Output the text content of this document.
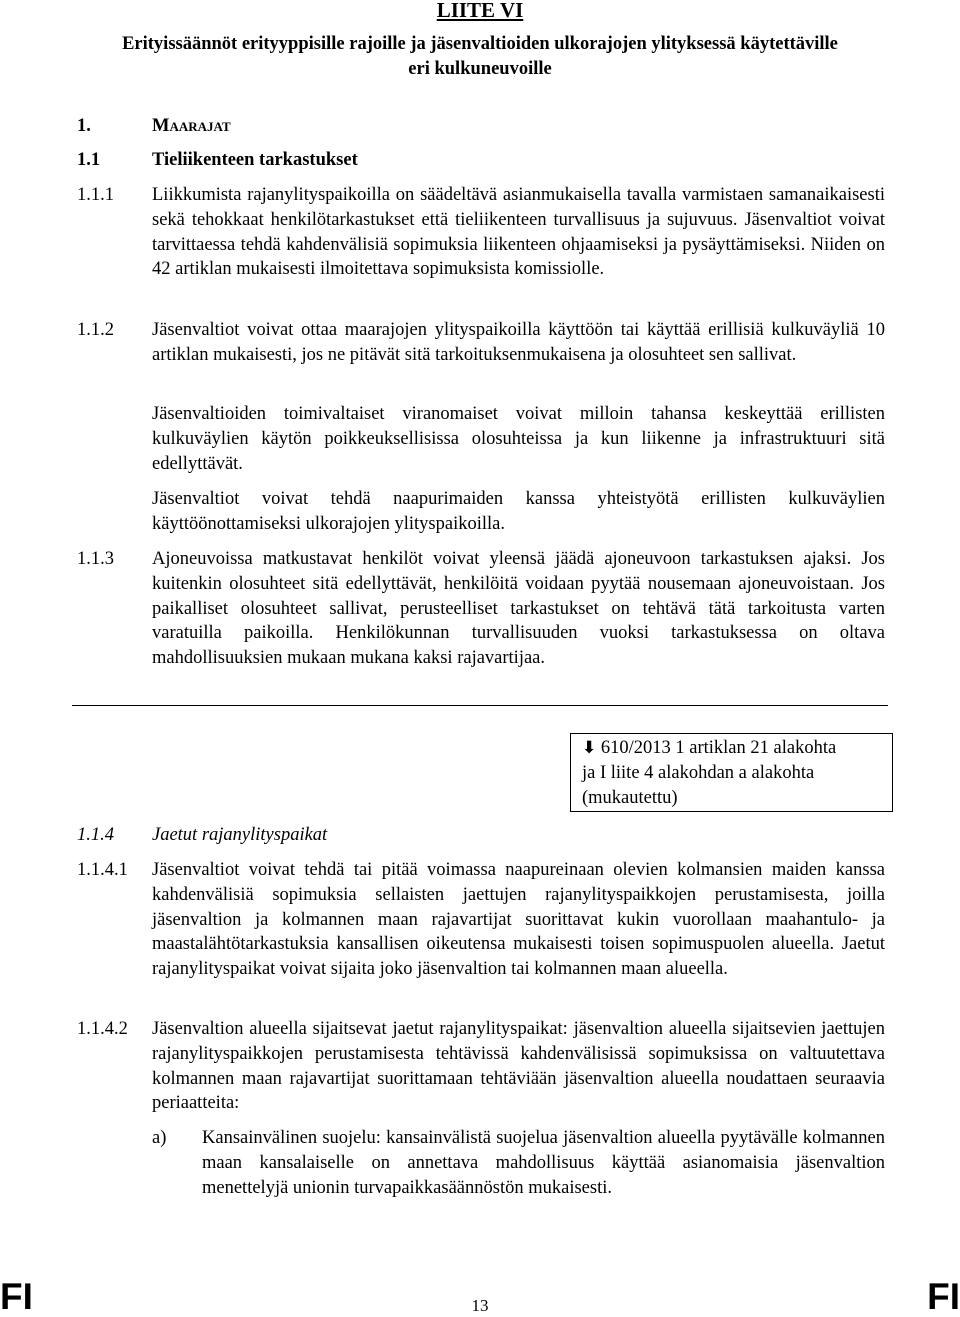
LIITE VI
Erityissäännöt erityyppisille rajoille ja jäsenvaltioiden ulkorajojen ylityksessä käytettäville eri kulkuneuvoille
1.	Maarajat
1.1	Tieliikenteen tarkastukset
1.1.1 Liikkumista rajanylityspaikoilla on säädeltävä asianmukaisella tavalla varmistaen samanaikaisesti sekä tehokkaat henkilötarkastukset että tieliikenteen turvallisuus ja sujuvuus. Jäsenvaltiot voivat tarvittaessa tehdä kahdenvälisiä sopimuksia liikenteen ohjaamiseksi ja pysäyttämiseksi. Niiden on 42 artiklan mukaisesti ilmoitettava sopimuksista komissiolle.
1.1.2 Jäsenvaltiot voivat ottaa maarajojen ylityspaikoilla käyttöön tai käyttää erillisiä kulkuväyliä 10 artiklan mukaisesti, jos ne pitävät sitä tarkoituksenmukaisena ja olosuhteet sen sallivat.
Jäsenvaltioiden toimivaltaiset viranomaiset voivat milloin tahansa keskeyttää erillisten kulkuväylien käytön poikkeuksellisissa olosuhteissa ja kun liikenne ja infrastruktuuri sitä edellyttävät.
Jäsenvaltiot voivat tehdä naapurimaiden kanssa yhteistyötä erillisten kulkuväylien käyttöönottamiseksi ulkorajojen ylityspaikoilla.
1.1.3 Ajoneuvoissa matkustavat henkilöt voivat yleensä jäädä ajoneuvoon tarkastuksen ajaksi. Jos kuitenkin olosuhteet sitä edellyttävät, henkilöitä voidaan pyytää nousemaan ajoneuvoistaan. Jos paikalliset olosuhteet sallivat, perusteelliset tarkastukset on tehtävä tätä tarkoitusta varten varatuilla paikoilla. Henkilökunnan turvallisuuden vuoksi tarkastuksessa on oltava mahdollisuuksien mukaan mukana kaksi rajavartijaa.
⬇ 610/2013 1 artiklan 21 alakohta
ja I liite 4 alakohdan a alakohta
(mukautettu)
1.1.4 Jaetut rajanylityspaikat
1.1.4.1 Jäsenvaltiot voivat tehdä tai pitää voimassa naapureinaan olevien kolmansien maiden kanssa kahdenvälisiä sopimuksia sellaisten jaettujen rajanylityspaikkojen perustamisesta, joilla jäsenvaltion ja kolmannen maan rajavartijat suorittavat kukin vuorollaan maahantulo- ja maastalähtötarkastuksia kansallisen oikeutensa mukaisesti toisen sopimuspuolen alueella. Jaetut rajanylityspaikat voivat sijaita joko jäsenvaltion tai kolmannen maan alueella.
1.1.4.2 Jäsenvaltion alueella sijaitsevat jaetut rajanylityspaikat: jäsenvaltion alueella sijaitsevien jaettujen rajanylityspaikkojen perustamisesta tehtävissä kahdenvälisissä sopimuksissa on valtuutettava kolmannen maan rajavartijat suorittamaan tehtäviään jäsenvaltion alueella noudattaen seuraavia periaatteita:
a) Kansainvälinen suojelu: kansainvälistä suojelua jäsenvaltion alueella pyytävälle kolmannen maan kansalaiselle on annettava mahdollisuus käyttää asianomaisia jäsenvaltion menettelyjä unionin turvapaikkasäännöstön mukaisesti.
FI	13	FI
